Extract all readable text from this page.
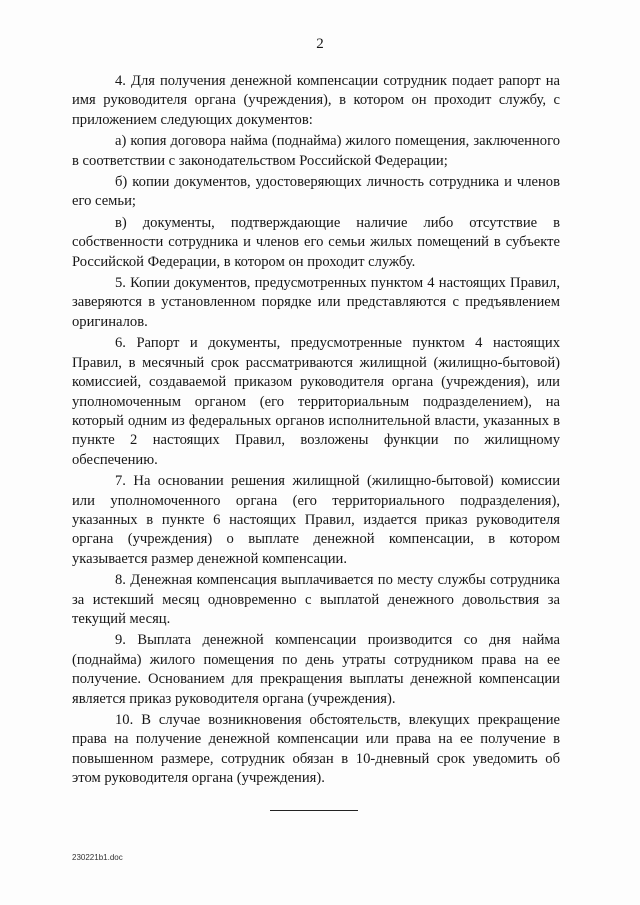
2

4. Для получения денежной компенсации сотрудник подает рапорт на имя руководителя органа (учреждения), в котором он проходит службу, с приложением следующих документов:

а) копия договора найма (поднайма) жилого помещения, заключенного в соответствии с законодательством Российской Федерации;

б) копии документов, удостоверяющих личность сотрудника и членов его семьи;

в) документы, подтверждающие наличие либо отсутствие в собственности сотрудника и членов его семьи жилых помещений в субъекте Российской Федерации, в котором он проходит службу.

5. Копии документов, предусмотренных пунктом 4 настоящих Правил, заверяются в установленном порядке или представляются с предъявлением оригиналов.

6. Рапорт и документы, предусмотренные пунктом 4 настоящих Правил, в месячный срок рассматриваются жилищной (жилищно-бытовой) комиссией, создаваемой приказом руководителя органа (учреждения), или уполномоченным органом (его территориальным подразделением), на который одним из федеральных органов исполнительной власти, указанных в пункте 2 настоящих Правил, возложены функции по жилищному обеспечению.

7. На основании решения жилищной (жилищно-бытовой) комиссии или уполномоченного органа (его территориального подразделения), указанных в пункте 6 настоящих Правил, издается приказ руководителя органа (учреждения) о выплате денежной компенсации, в котором указывается размер денежной компенсации.

8. Денежная компенсация выплачивается по месту службы сотрудника за истекший месяц одновременно с выплатой денежного довольствия за текущий месяц.

9. Выплата денежной компенсации производится со дня найма (поднайма) жилого помещения по день утраты сотрудником права на ее получение. Основанием для прекращения выплаты денежной компенсации является приказ руководителя органа (учреждения).

10. В случае возникновения обстоятельств, влекущих прекращение права на получение денежной компенсации или права на ее получение в повышенном размере, сотрудник обязан в 10-дневный срок уведомить об этом руководителя органа (учреждения).

230221b1.doc
